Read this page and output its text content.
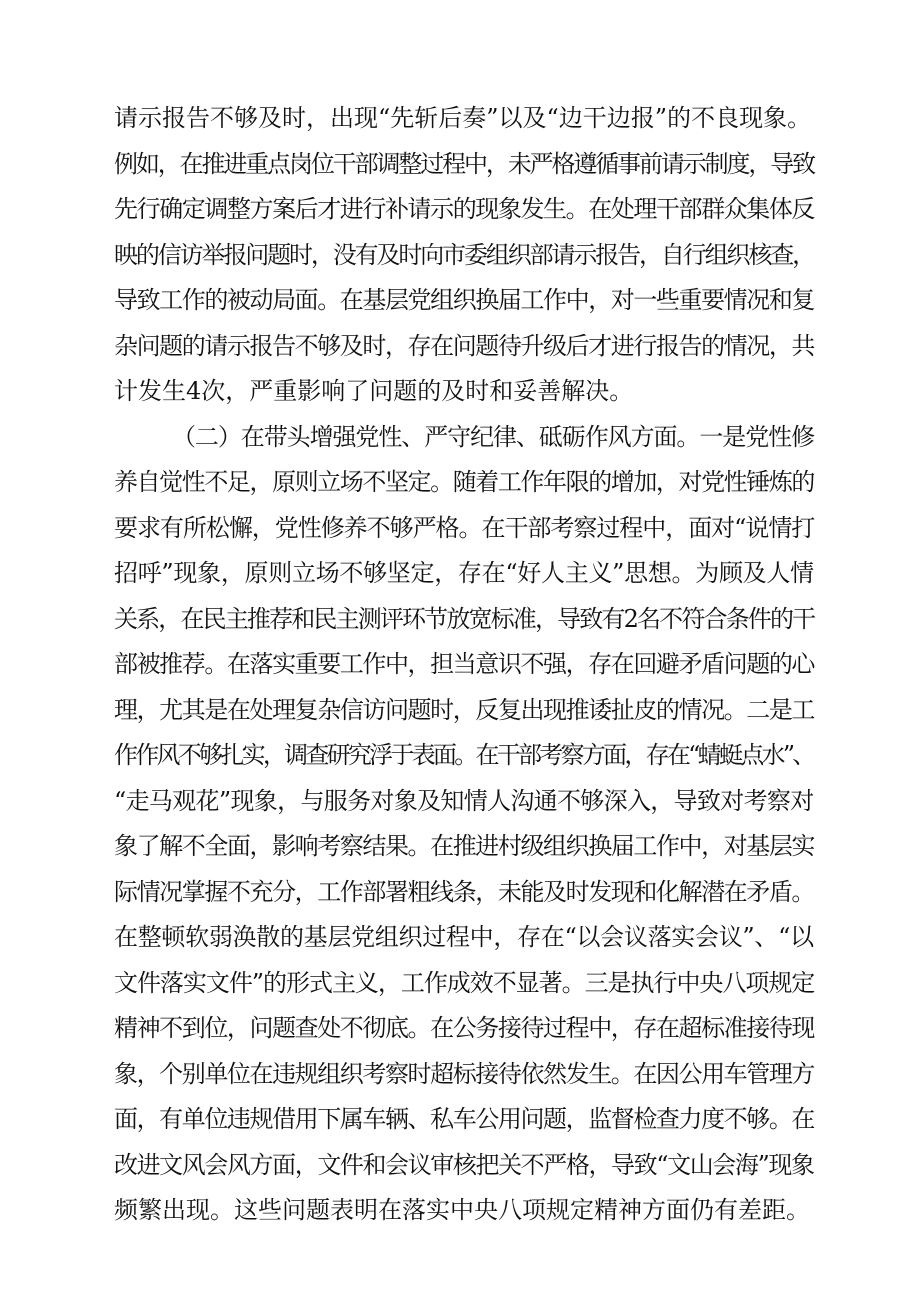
请示报告不够及时，出现“先斩后奏”以及“边干边报”的不良现象。
例如，在推进重点岗位干部调整过程中，未严格遵循事前请示制度，导致
先行确定调整方案后才进行补请示的现象发生。在处理干部群众集体反
映的信访举报问题时，没有及时向市委组织部请示报告，自行组织核查，
导致工作的被动局面。在基层党组织换届工作中，对一些重要情况和复
杂问题的请示报告不够及时，存在问题待升级后才进行报告的情况，共
计发生4次，严重影响了问题的及时和妥善解决。
（二）在带头增强党性、严守纪律、砥砺作风方面。一是党性修
养自觉性不足，原则立场不坚定。随着工作年限的增加，对党性锤炼的
要求有所松懈，党性修养不够严格。在干部考察过程中，面对“说情打
招呼”现象，原则立场不够坚定，存在“好人主义”思想。为顾及人情
关系，在民主推荐和民主测评环节放宽标准，导致有2名不符合条件的干
部被推荐。在落实重要工作中，担当意识不强，存在回避矛盾问题的心
理，尤其是在处理复杂信访问题时，反复出现推诿扯皮的情况。二是工
作作风不够扎实，调查研究浮于表面。在干部考察方面，存在“蜻蜓点水”、
“走马观花”现象，与服务对象及知情人沟通不够深入，导致对考察对
象了解不全面，影响考察结果。在推进村级组织换届工作中，对基层实
际情况掌握不充分，工作部署粗线条，未能及时发现和化解潜在矛盾。
在整顿软弱涣散的基层党组织过程中，存在“以会议落实会议”、“以
文件落实文件”的形式主义，工作成效不显著。三是执行中央八项规定
精神不到位，问题查处不彻底。在公务接待过程中，存在超标准接待现
象，个别单位在违规组织考察时超标接待依然发生。在因公用车管理方
面，有单位违规借用下属车辆、私车公用问题，监督检查力度不够。在
改进文风会风方面，文件和会议审核把关不严格，导致“文山会海”现象
频繁出现。这些问题表明在落实中央八项规定精神方面仍有差距。
